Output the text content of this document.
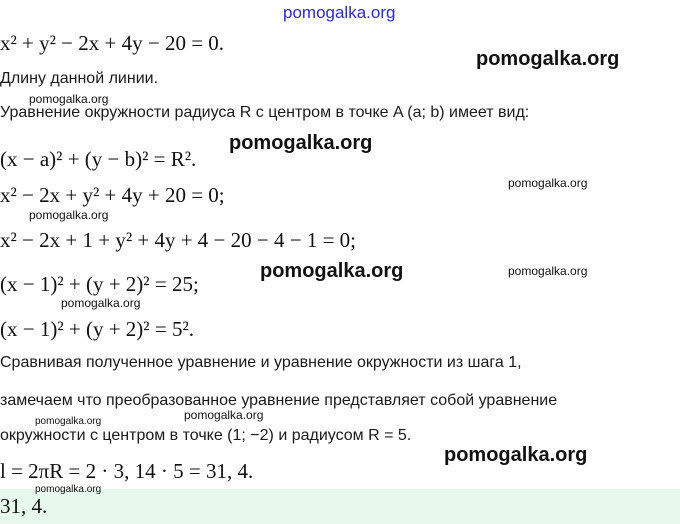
pomogalka.org
x² + y² − 2x + 4y − 20 = 0.
Длину данной линии.
Уравнение окружности радиуса R с центром в точке A (a; b) имеет вид:
(x − a)² + (y − b)² = R².
x² − 2x + y² + 4y + 20 = 0;
x² − 2x + 1 + y² + 4y + 4 − 20 − 4 − 1 = 0;
(x − 1)² + (y + 2)² = 25;
(x − 1)² + (y + 2)² = 5².
Сравнивая полученное уравнение и уравнение окружности из шага 1,
замечаем что преобразованное уравнение представляет собой уравнение
окружности с центром в точке (1; −2) и радиусом R = 5.
l = 2πR = 2 · 3, 14 · 5 = 31, 4.
31, 4.
pomogalka.org
pomogalka.org
pomogalka.org
pomogalka.org
pomogalka.org
pomogalka.org
pomogalka.org
pomogalka.org
pomogalka.org
pomogalka.org
pomogalka.org
pomogalka.org
